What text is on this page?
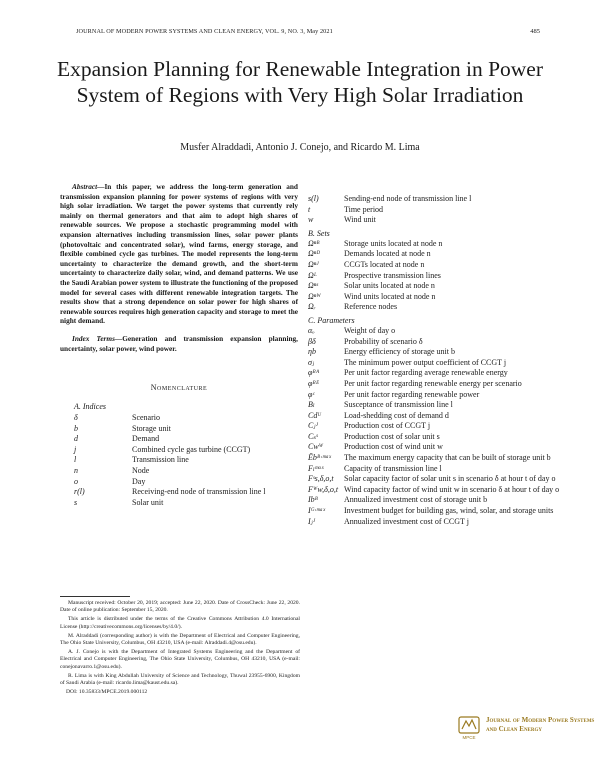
JOURNAL OF MODERN POWER SYSTEMS AND CLEAN ENERGY, VOL. 9, NO. 3, May 2021	485
Expansion Planning for Renewable Integration in Power System of Regions with Very High Solar Irradiation
Musfer Alraddadi, Antonio J. Conejo, and Ricardo M. Lima

Abstract—In this paper, we address the long-term generation and transmission expansion planning for power systems of regions with very high solar irradiation. We target the power systems that currently rely mainly on thermal generators and that aim to adopt high shares of renewable sources. We propose a stochastic programming model with expansion alternatives including transmission lines, solar power plants (photovoltaic and concentrated solar), wind farms, energy storage, and flexible combined cycle gas turbines. The model represents the long-term uncertainty to characterize the demand growth, and the short-term uncertainty to characterize daily solar, wind, and demand patterns. We use the Saudi Arabian power system to illustrate the functioning of the proposed model for several cases with different renewable integration targets. The results show that a strong dependence on solar power for high shares of renewable sources requires high generation capacity and storage to meet the night demand.

Index Terms—Generation and transmission expansion planning, uncertainty, solar power, wind power.

Nomenclature
A. Indices
δ	Scenario
b	Storage unit
d	Demand
j	Combined cycle gas turbine (CCGT)
l	Transmission line
n	Node
o	Day
r(l)	Receiving-end node of transmission line l
s	Solar unit
s(l)	Sending-end node of transmission line l
t	Time period
w	Wind unit
B. Sets
Ωⁿᴮ	Storage units located at node n
Ωⁿᴰ	Demands located at node n
Ωⁿᴶ	CCGTs located at node n
Ωᴸ	Prospective transmission lines
Ωⁿˢ	Solar units located at node n
Ωⁿᵂ	Wind units located at node n
Ωᵣ	Reference nodes
C. Parameters
αₒ	Weight of day o
βδ	Probability of scenario δ
ηb	Energy efficiency of storage unit b
σⱼ	The minimum power output coefficient of CCGT j
φᴿᴬ	Per unit factor regarding average renewable energy
φᴿᴱ	Per unit factor regarding renewable energy per scenario
φᶜ	Per unit factor regarding renewable power
Bₗ	Susceptance of transmission line l
Cdᵁ	Load-shedding cost of demand d
Cⱼᴶ	Production cost of CCGT j
Cₛˢ	Production cost of solar unit s
Cwᵂ	Production cost of wind unit w
Ēbᴮ·ᵐᵃˣ	The maximum energy capacity that can be built of storage unit b
Fₗᵐᵃˣ	Capacity of transmission line l
Fˢs,δ,o,t	Solar capacity factor of solar unit s in scenario δ at hour t of day o
Fᵂw,δ,o,t Wind capacity factor of wind unit w in scenario δ at hour t of day o
Ibᴮ	Annualized investment cost of storage unit b
Iᴳ·ᵐᵃˣ	Investment budget for building gas, wind, solar, and storage units
Iⱼᴶ	Annualized investment cost of CCGT j

Manuscript received: October 20, 2019; accepted: June 22, 2020. Date of CrossCheck: June 22, 2020. Date of online publication: September 15, 2020.

This article is distributed under the terms of the Creative Commons Attribution 4.0 International License (http://creativecommons.org/licenses/by/4.0/).

M. Alraddadi (corresponding author) is with the Department of Electrical and Computer Engineering, The Ohio State University, Columbus, OH 43210, USA (e-mail: Alraddadi.4@osu.edu).

A. J. Conejo is with the Department of Integrated Systems Engineering and the Department of Electrical and Computer Engineering, The Ohio State University, Columbus, OH 43210, USA (e-mail: conejonavarro.1@osu.edu).

R. Lima is with King Abdullah University of Science and Technology, Thuwal 23955-6900, Kingdom of Saudi Arabia (e-mail: ricardo.lima@kaust.edu.sa).

DOI: 10.35833/MPCE.2019.000112

MPCE
Journal of Modern Power Systems
and Clean Energy
